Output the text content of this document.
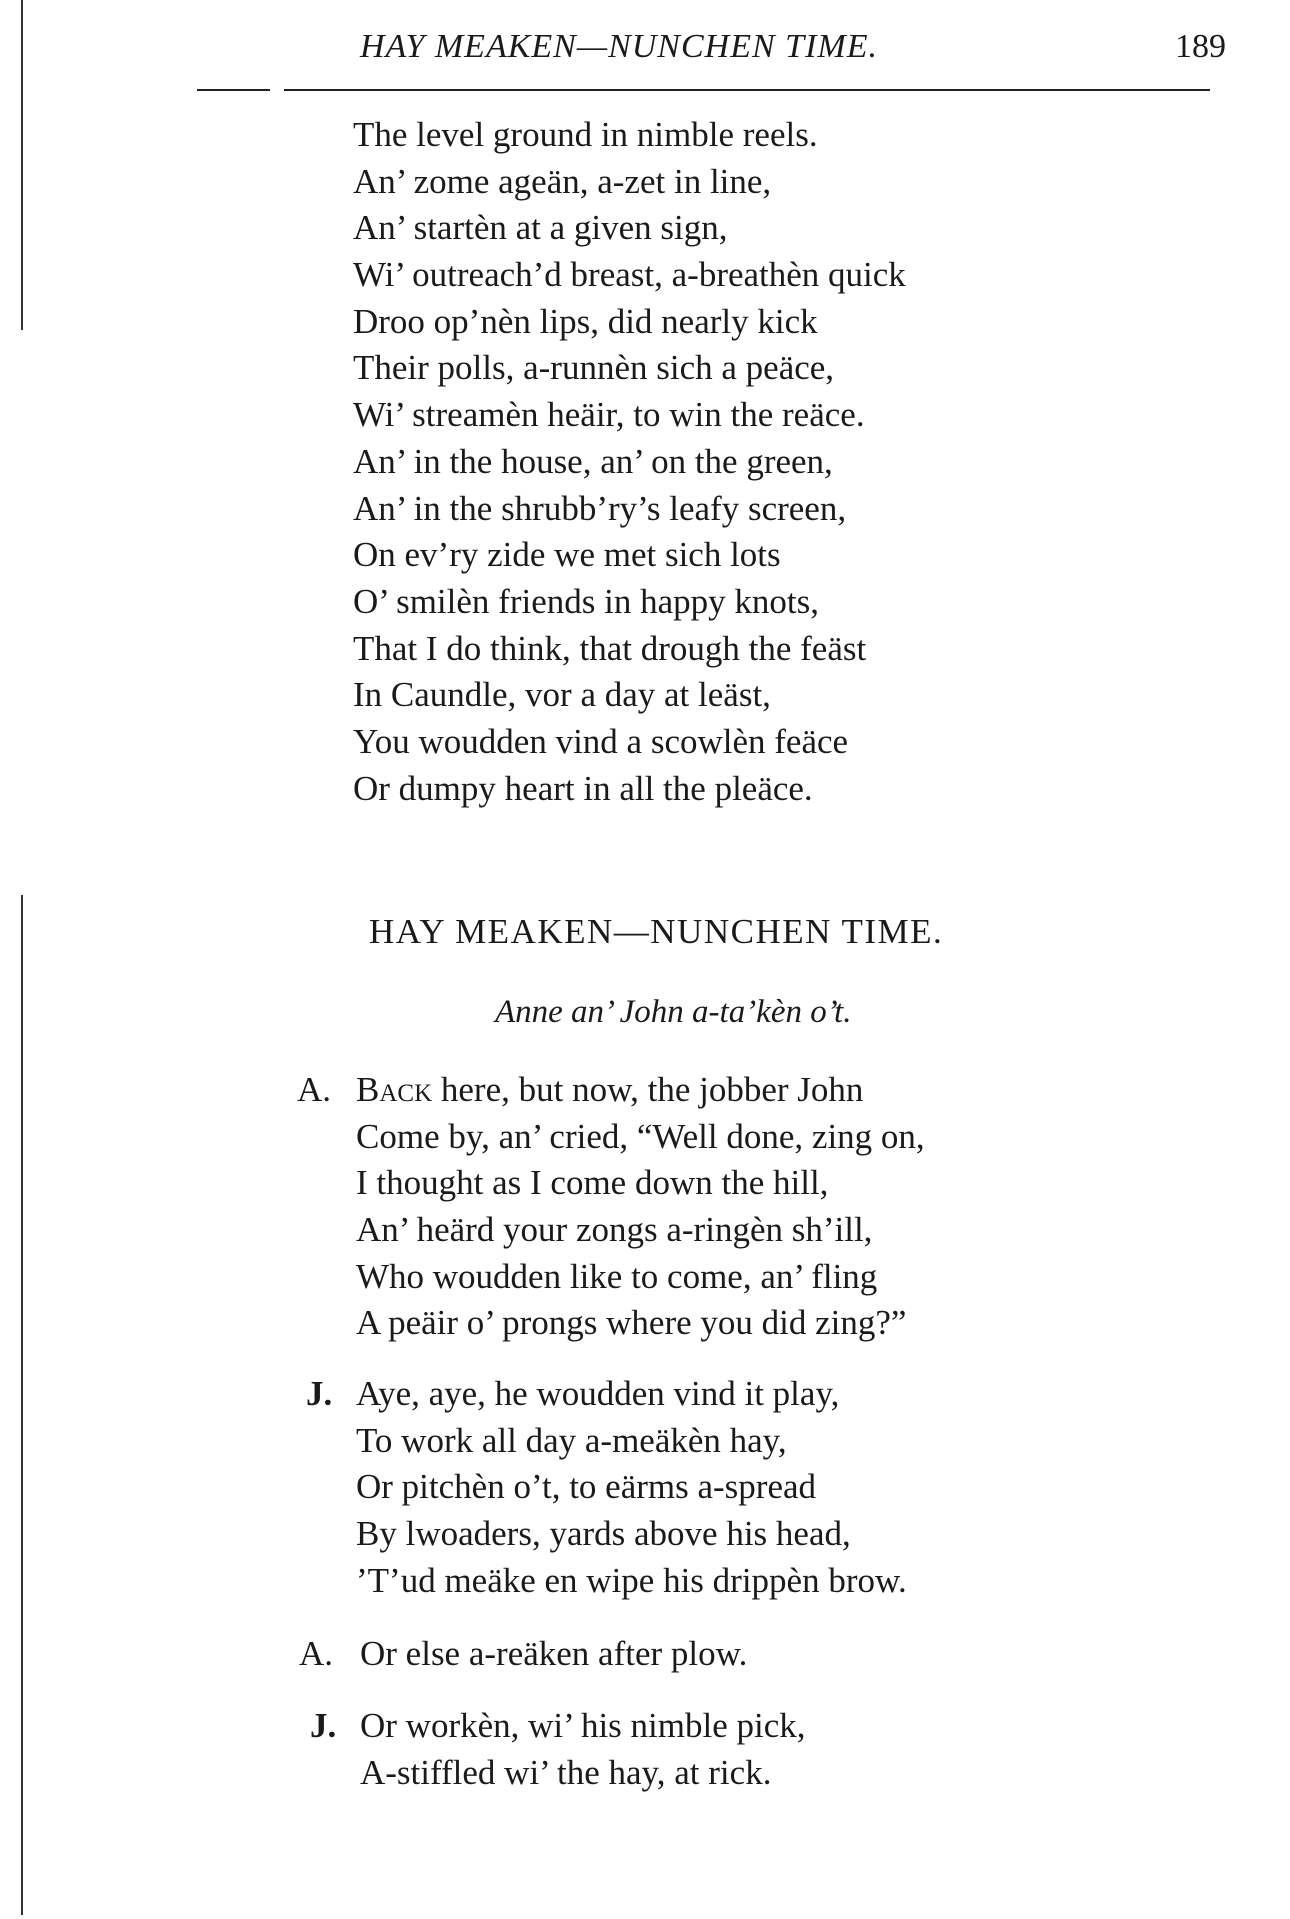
HAY MEAKEN—NUNCHEN TIME.	189
The level ground in nimble reels.
An’ zome ageän, a-zet in line,
An’ startèn at a given sign,
Wi’ outreach’d breast, a-breathèn quick
Droo op’nèn lips, did nearly kick
Their polls, a-runnèn sich a peäce,
Wi’ streamèn heäir, to win the reäce.
An’ in the house, an’ on the green,
An’ in the shrubb’ry’s leafy screen,
On ev’ry zide we met sich lots
O’ smilèn friends in happy knots,
That I do think, that drough the feäst
In Caundle, vor a day at leäst,
You woudden vind a scowlèn feäce
Or dumpy heart in all the pleäce.
HAY MEAKEN—NUNCHEN TIME.
Anne an’ John a-ta’kèn o’t.
A. Back here, but now, the jobber John
Come by, an’ cried, “Well done, zing on,
I thought as I come down the hill,
An’ heärd your zongs a-ringèn sh’ill,
Who woudden like to come, an’ fling
A peäir o’ prongs where you did zing?”
J. Aye, aye, he woudden vind it play,
To work all day a-meäkèn hay,
Or pitchèn o’t, to eärms a-spread
By lwoaders, yards above his head,
’T’ud meäke en wipe his drippèn brow.
A. Or else a-reäken after plow.
J. Or workèn, wi’ his nimble pick,
A-stiffled wi’ the hay, at rick.
